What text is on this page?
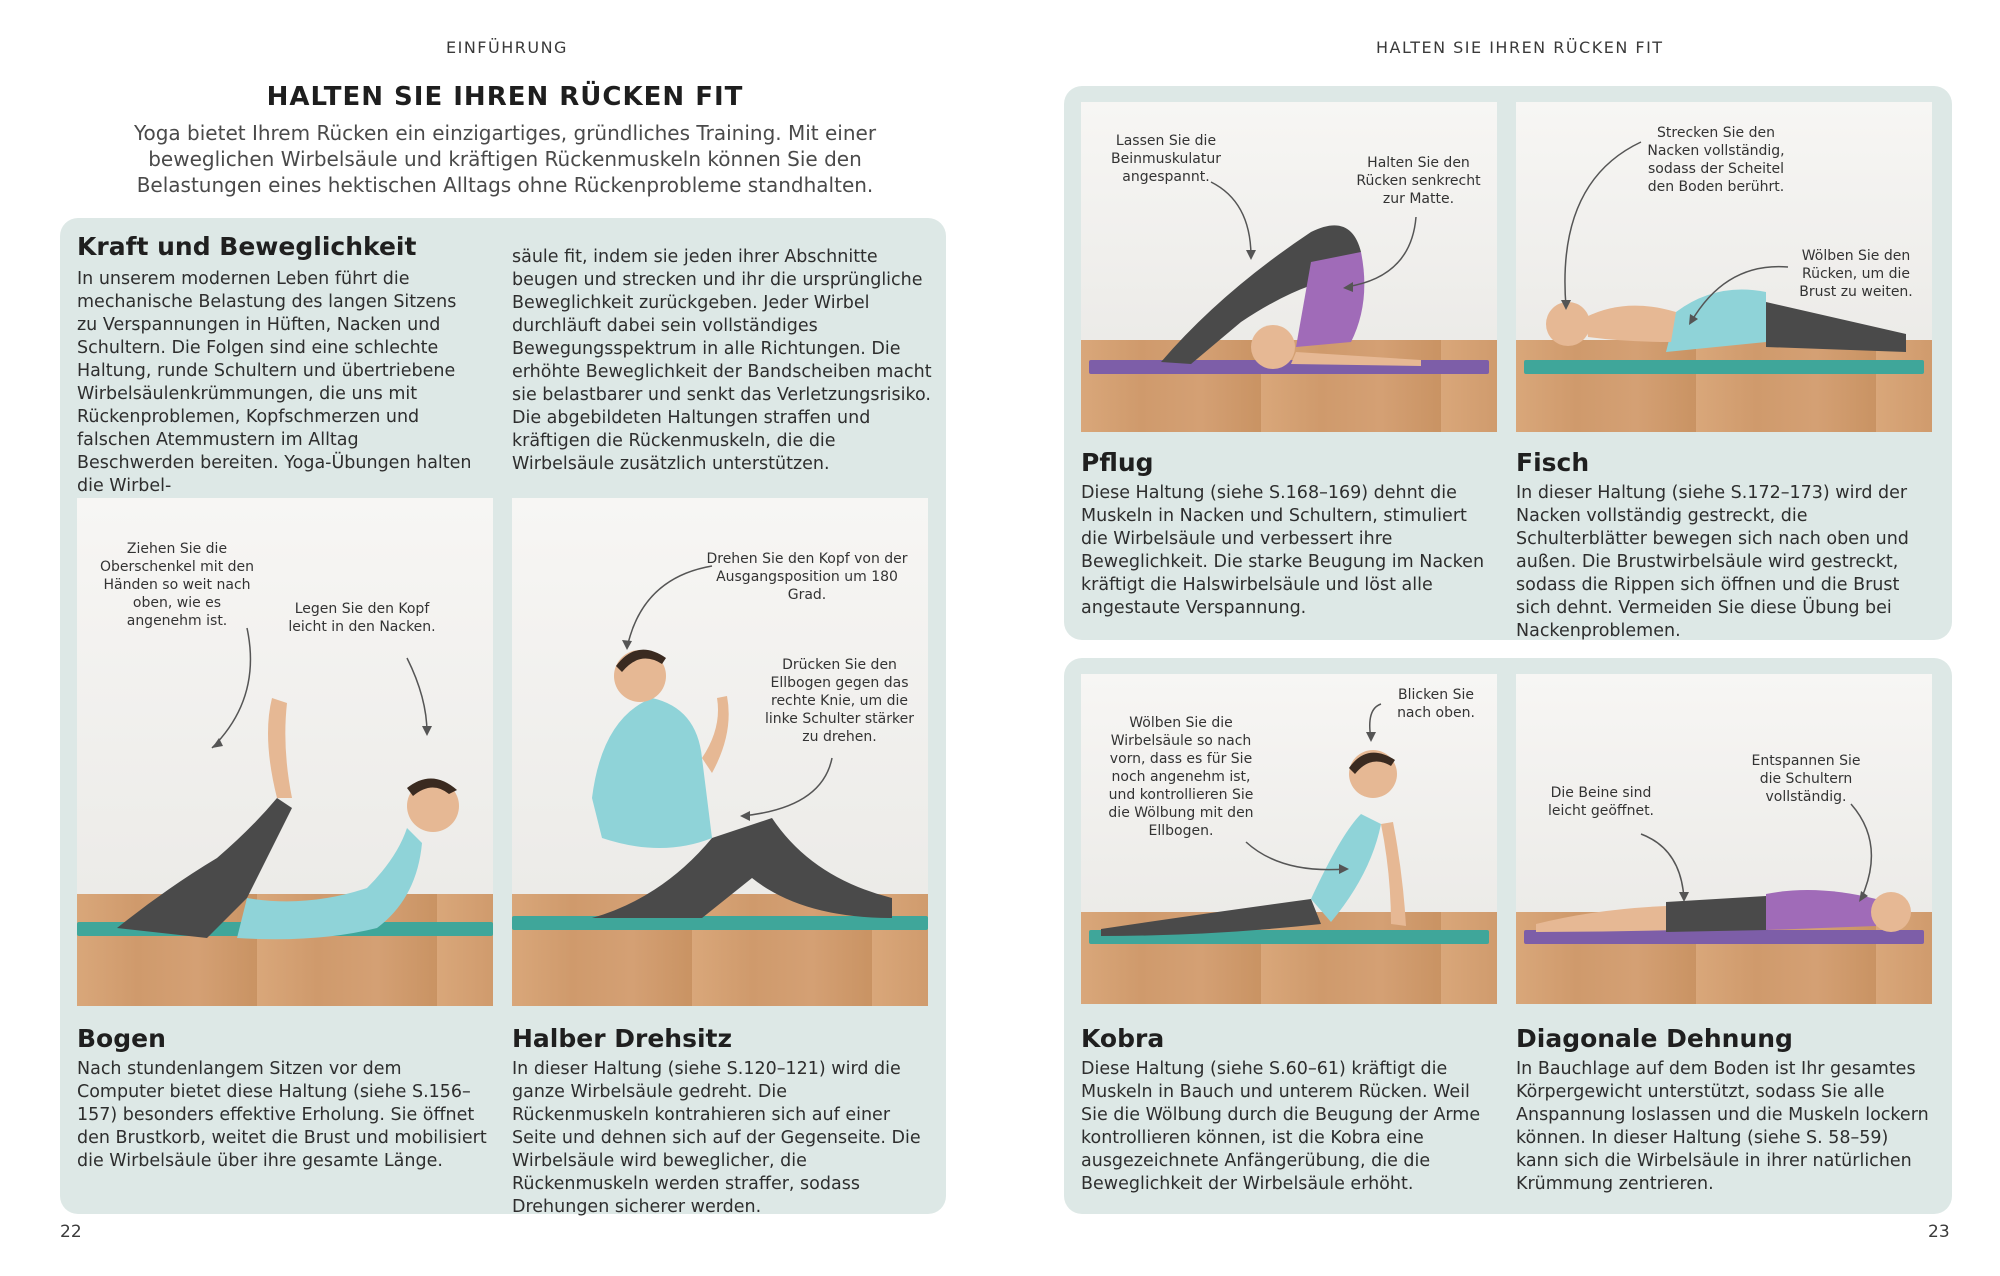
EINFÜHRUNG
HALTEN SIE IHREN RÜCKEN FIT
Yoga bietet Ihrem Rücken ein einzigartiges, gründliches Training. Mit einer beweglichen Wirbelsäule und kräftigen Rückenmuskeln können Sie den Belastungen eines hektischen Alltags ohne Rückenprobleme standhalten.
Kraft und Beweglichkeit
In unserem modernen Leben führt die mechanische Belastung des langen Sitzens zu Verspannungen in Hüften, Nacken und Schultern. Die Folgen sind eine schlechte Haltung, runde Schultern und übertriebene Wirbelsäulenkrümmungen, die uns mit Rückenproblemen, Kopfschmerzen und falschen Atemmustern im Alltag Beschwerden bereiten. Yoga-Übungen halten die Wirbel-
säule fit, indem sie jeden ihrer Abschnitte beugen und strecken und ihr die ursprüngliche Beweglichkeit zurückgeben. Jeder Wirbel durchläuft dabei sein vollständiges Bewegungsspektrum in alle Richtungen. Die erhöhte Beweglichkeit der Bandscheiben macht sie belastbarer und senkt das Verletzungsrisiko. Die abgebildeten Haltungen straffen und kräftigen die Rückenmuskeln, die die Wirbelsäule zusätzlich unterstützen.
Ziehen Sie die Oberschenkel mit den Händen so weit nach oben, wie es angenehm ist.
Legen Sie den Kopf leicht in den Nacken.
Drehen Sie den Kopf von der Ausgangsposition um 180 Grad.
Drücken Sie den Ellbogen gegen das rechte Knie, um die linke Schulter stärker zu drehen.
Bogen
Nach stundenlangem Sitzen vor dem Computer bietet diese Haltung (siehe S.156–157) besonders effektive Erholung. Sie öffnet den Brustkorb, weitet die Brust und mobilisiert die Wirbelsäule über ihre gesamte Länge.
Halber Drehsitz
In dieser Haltung (siehe S.120–121) wird die ganze Wirbelsäule gedreht. Die Rückenmuskeln kontrahieren sich auf einer Seite und dehnen sich auf der Gegenseite. Die Wirbelsäule wird beweglicher, die Rückenmuskeln werden straffer, sodass Drehungen sicherer werden.
22
HALTEN SIE IHREN RÜCKEN FIT
Lassen Sie die Beinmuskulatur angespannt.
Halten Sie den Rücken senkrecht zur Matte.
Strecken Sie den Nacken vollständig, sodass der Scheitel den Boden berührt.
Wölben Sie den Rücken, um die Brust zu weiten.
Pflug
Diese Haltung (siehe S.168–169) dehnt die Muskeln in Nacken und Schultern, stimuliert die Wirbelsäule und verbessert ihre Beweglichkeit. Die starke Beugung im Nacken kräftigt die Halswirbelsäule und löst alle angestaute Verspannung.
Fisch
In dieser Haltung (siehe S.172–173) wird der Nacken vollständig gestreckt, die Schulterblätter bewegen sich nach oben und außen. Die Brustwirbelsäule wird gestreckt, sodass die Rippen sich öffnen und die Brust sich dehnt. Vermeiden Sie diese Übung bei Nackenproblemen.
Wölben Sie die Wirbelsäule so nach vorn, dass es für Sie noch angenehm ist, und kontrollieren Sie die Wölbung mit den Ellbogen.
Blicken Sie nach oben.
Die Beine sind leicht geöffnet.
Entspannen Sie die Schultern vollständig.
Kobra
Diese Haltung (siehe S.60–61) kräftigt die Muskeln in Bauch und unterem Rücken. Weil Sie die Wölbung durch die Beugung der Arme kontrollieren können, ist die Kobra eine ausgezeichnete Anfängerübung, die die Beweglichkeit der Wirbelsäule erhöht.
Diagonale Dehnung
In Bauchlage auf dem Boden ist Ihr gesamtes Körpergewicht unterstützt, sodass Sie alle Anspannung loslassen und die Muskeln lockern können. In dieser Haltung (siehe S. 58–59) kann sich die Wirbelsäule in ihrer natürlichen Krümmung zentrieren.
23
